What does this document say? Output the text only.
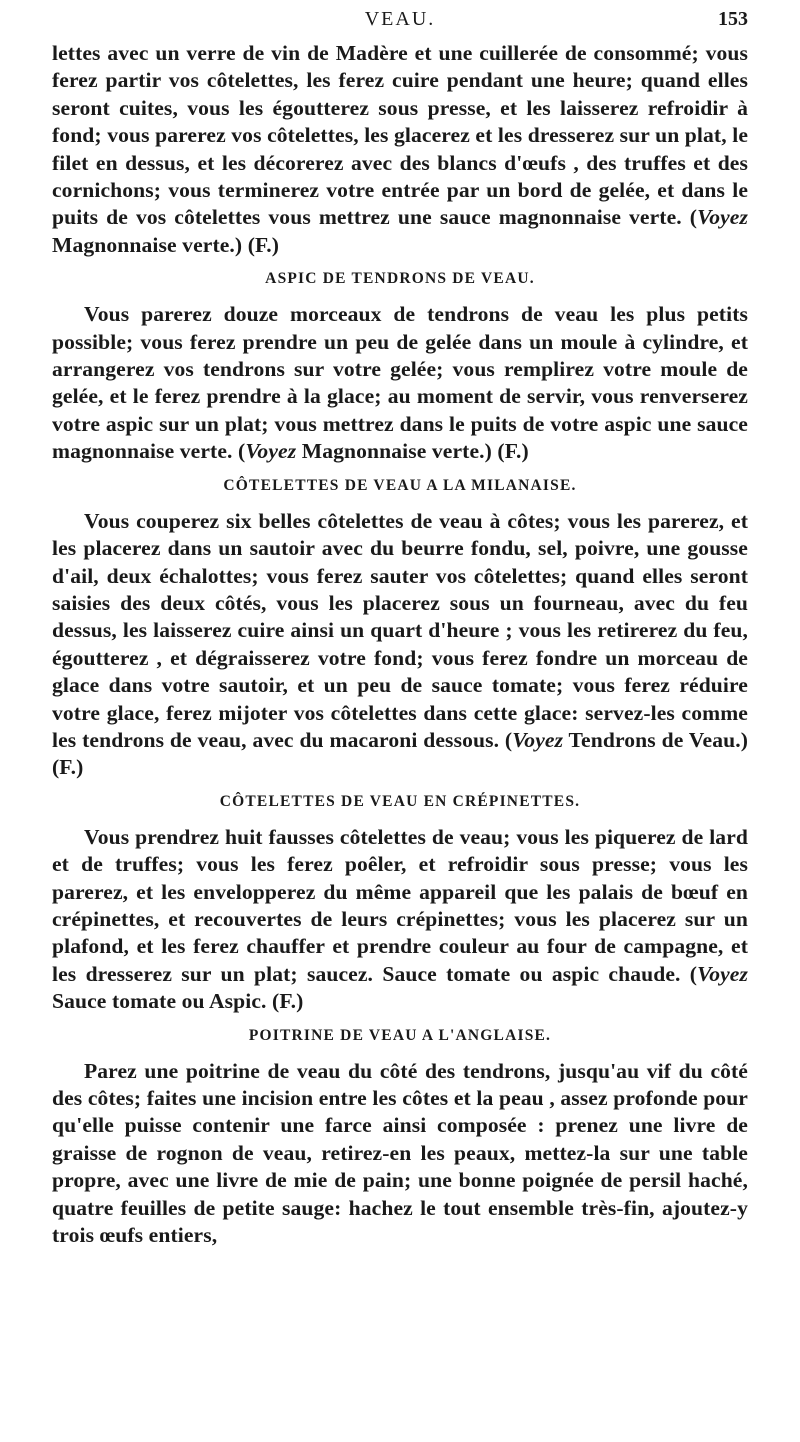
VEAU.	153

lettes avec un verre de vin de Madère et une cuillerée de consommé; vous ferez partir vos côtelettes, les ferez cuire pendant une heure; quand elles seront cuites, vous les égoutterez sous presse, et les laisserez refroidir à fond; vous parerez vos côtelettes, les glacerez et les dresserez sur un plat, le filet en dessus, et les décorerez avec des blancs d'œufs , des truffes et des cornichons; vous terminerez votre entrée par un bord de gelée, et dans le puits de vos côtelettes vous mettrez une sauce magnonnaise verte. (Voyez Magnonnaise verte.) (F.)

ASPIC DE TENDRONS DE VEAU.

Vous parerez douze morceaux de tendrons de veau les plus petits possible; vous ferez prendre un peu de gelée dans un moule à cylindre, et arrangerez vos tendrons sur votre gelée; vous remplirez votre moule de gelée, et le ferez prendre à la glace; au moment de servir, vous renverserez votre aspic sur un plat; vous mettrez dans le puits de votre aspic une sauce magnonnaise verte. (Voyez Magnonnaise verte.) (F.)

CÔTELETTES DE VEAU A LA MILANAISE.

Vous couperez six belles côtelettes de veau à côtes; vous les parerez, et les placerez dans un sautoir avec du beurre fondu, sel, poivre, une gousse d'ail, deux échalottes; vous ferez sauter vos côtelettes; quand elles seront saisies des deux côtés, vous les placerez sous un fourneau, avec du feu dessus, les laisserez cuire ainsi un quart d'heure ; vous les retirerez du feu, égoutterez , et dégraisserez votre fond; vous ferez fondre un morceau de glace dans votre sautoir, et un peu de sauce tomate; vous ferez réduire votre glace, ferez mijoter vos côtelettes dans cette glace: servez-les comme les tendrons de veau, avec du macaroni dessous. (Voyez Tendrons de Veau.) (F.)

CÔTELETTES DE VEAU EN CRÉPINETTES.

Vous prendrez huit fausses côtelettes de veau; vous les piquerez de lard et de truffes; vous les ferez poêler, et refroidir sous presse; vous les parerez, et les envelopperez du même appareil que les palais de bœuf en crépinettes, et recouvertes de leurs crépinettes; vous les placerez sur un plafond, et les ferez chauffer et prendre couleur au four de campagne, et les dresserez sur un plat; saucez. Sauce tomate ou aspic chaude. (Voyez Sauce tomate ou Aspic. (F.)

POITRINE DE VEAU A L'ANGLAISE.

Parez une poitrine de veau du côté des tendrons, jusqu'au vif du côté des côtes; faites une incision entre les côtes et la peau , assez profonde pour qu'elle puisse contenir une farce ainsi composée : prenez une livre de graisse de rognon de veau, retirez-en les peaux, mettez-la sur une table propre, avec une livre de mie de pain; une bonne poignée de persil haché, quatre feuilles de petite sauge: hachez le tout ensemble très-fin, ajoutez-y trois œufs entiers,
